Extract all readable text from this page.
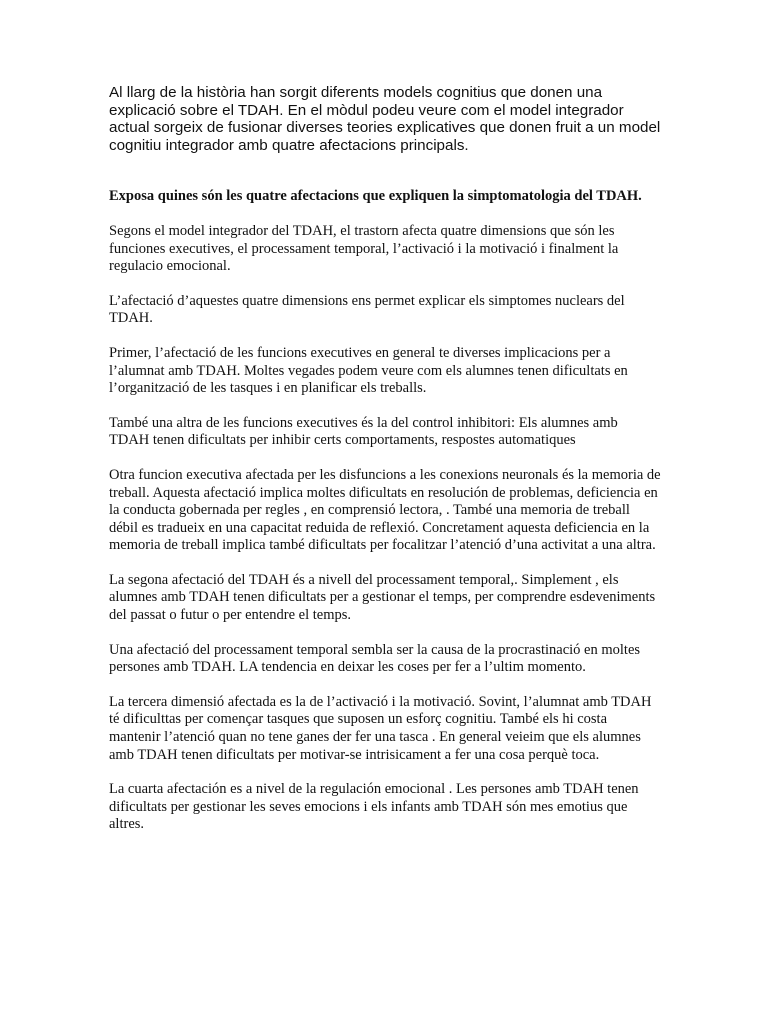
Al llarg de la història han sorgit diferents models cognitius que donen una explicació sobre el TDAH. En el mòdul podeu veure com el model integrador actual sorgeix de fusionar diverses teories explicatives que donen fruit a un model cognitiu integrador amb quatre afectacions principals.

Exposa quines són les quatre afectacions que expliquen la simptomatologia del TDAH.

Segons el model integrador del TDAH, el trastorn afecta quatre dimensions que són les funciones executives, el processament temporal, l’activació i la motivació i finalment la regulacio emocional.

L’afectació d’aquestes quatre dimensions ens permet explicar els simptomes nuclears del TDAH.

Primer, l’afectació de les funcions executives en general te diverses implicacions per a l’alumnat amb TDAH. Moltes vegades podem veure com els alumnes tenen dificultats en l’organització de les tasques i en planificar els treballs.

També una altra de les funcions executives és la del control inhibitori: Els alumnes amb TDAH tenen dificultats per inhibir certs comportaments, respostes automatiques

Otra funcion executiva afectada per les disfuncions a les conexions neuronals és la memoria de treball. Aquesta afectació implica moltes dificultats en resolución de problemas, deficiencia en la conducta gobernada per regles , en comprensió lectora, . També una memoria de treball débil es tradueix en una capacitat reduida de reflexió. Concretament aquesta deficiencia en la memoria de treball implica també dificultats per focalitzar l’atenció d’una activitat a una altra.

La segona afectació del TDAH és a nivell del processament temporal,. Simplement , els alumnes amb TDAH tenen dificultats per a gestionar el temps, per comprendre esdeveniments del passat o futur o per entendre el temps.

Una afectació del processament temporal sembla ser la causa de la procrastinació en moltes persones amb TDAH. LA tendencia en deixar les coses per fer a l’ultim momento.

La tercera dimensió afectada es la de l’activació i la motivació. Sovint, l’alumnat amb TDAH té dificulttas per començar tasques que suposen un esforç cognitiu. També els hi costa mantenir l’atenció quan no tene ganes der fer una tasca . En general veieim que els alumnes amb TDAH tenen dificultats per motivar-se intrisicament a fer una cosa perquè toca.

La cuarta afectación es a nivel de la regulación emocional . Les persones amb TDAH tenen dificultats per gestionar les seves emocions i els infants amb TDAH són mes emotius que altres.
